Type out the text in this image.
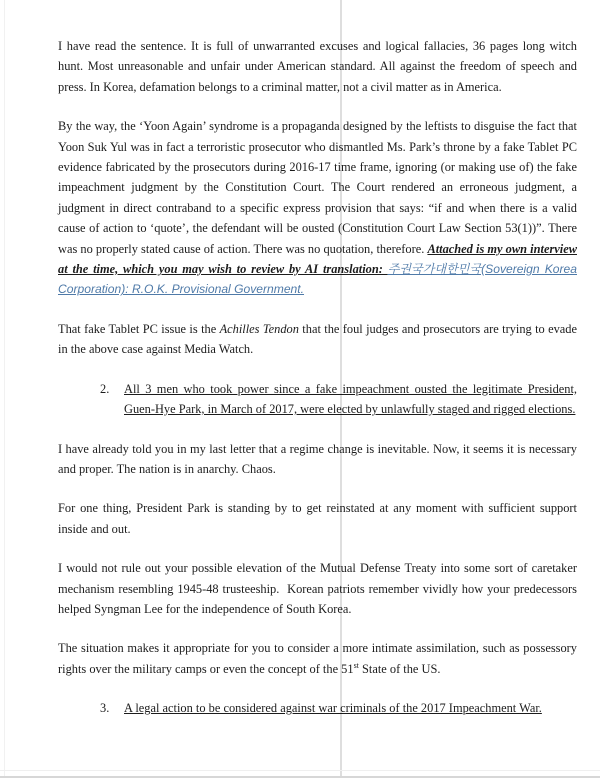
I have read the sentence. It is full of unwarranted excuses and logical fallacies, 36 pages long witch hunt. Most unreasonable and unfair under American standard. All against the freedom of speech and press. In Korea, defamation belongs to a criminal matter, not a civil matter as in America.
By the way, the ‘Yoon Again’ syndrome is a propaganda designed by the leftists to disguise the fact that Yoon Suk Yul was in fact a terroristic prosecutor who dismantled Ms. Park’s throne by a fake Tablet PC evidence fabricated by the prosecutors during 2016-17 time frame, ignoring (or making use of) the fake impeachment judgment by the Constitution Court. The Court rendered an erroneous judgment, a judgment in direct contraband to a specific express provision that says: “if and when there is a valid cause of action to ‘quote’, the defendant will be ousted (Constitution Court Law Section 53(1))”. There was no properly stated cause of action. There was no quotation, therefore. Attached is my own interview at the time, which you may wish to review by AI translation: 주권국가대한민국(Sovereign Korea Corporation): R.O.K. Provisional Government.
That fake Tablet PC issue is the Achilles Tendon that the foul judges and prosecutors are trying to evade in the above case against Media Watch.
2. All 3 men who took power since a fake impeachment ousted the legitimate President, Guen-Hye Park, in March of 2017, were elected by unlawfully staged and rigged elections.
I have already told you in my last letter that a regime change is inevitable. Now, it seems it is necessary and proper. The nation is in anarchy. Chaos.
For one thing, President Park is standing by to get reinstated at any moment with sufficient support inside and out.
I would not rule out your possible elevation of the Mutual Defense Treaty into some sort of caretaker mechanism resembling 1945-48 trusteeship.  Korean patriots remember vividly how your predecessors helped Syngman Lee for the independence of South Korea.
The situation makes it appropriate for you to consider a more intimate assimilation, such as possessory rights over the military camps or even the concept of the 51st State of the US.
3. A legal action to be considered against war criminals of the 2017 Impeachment War.
